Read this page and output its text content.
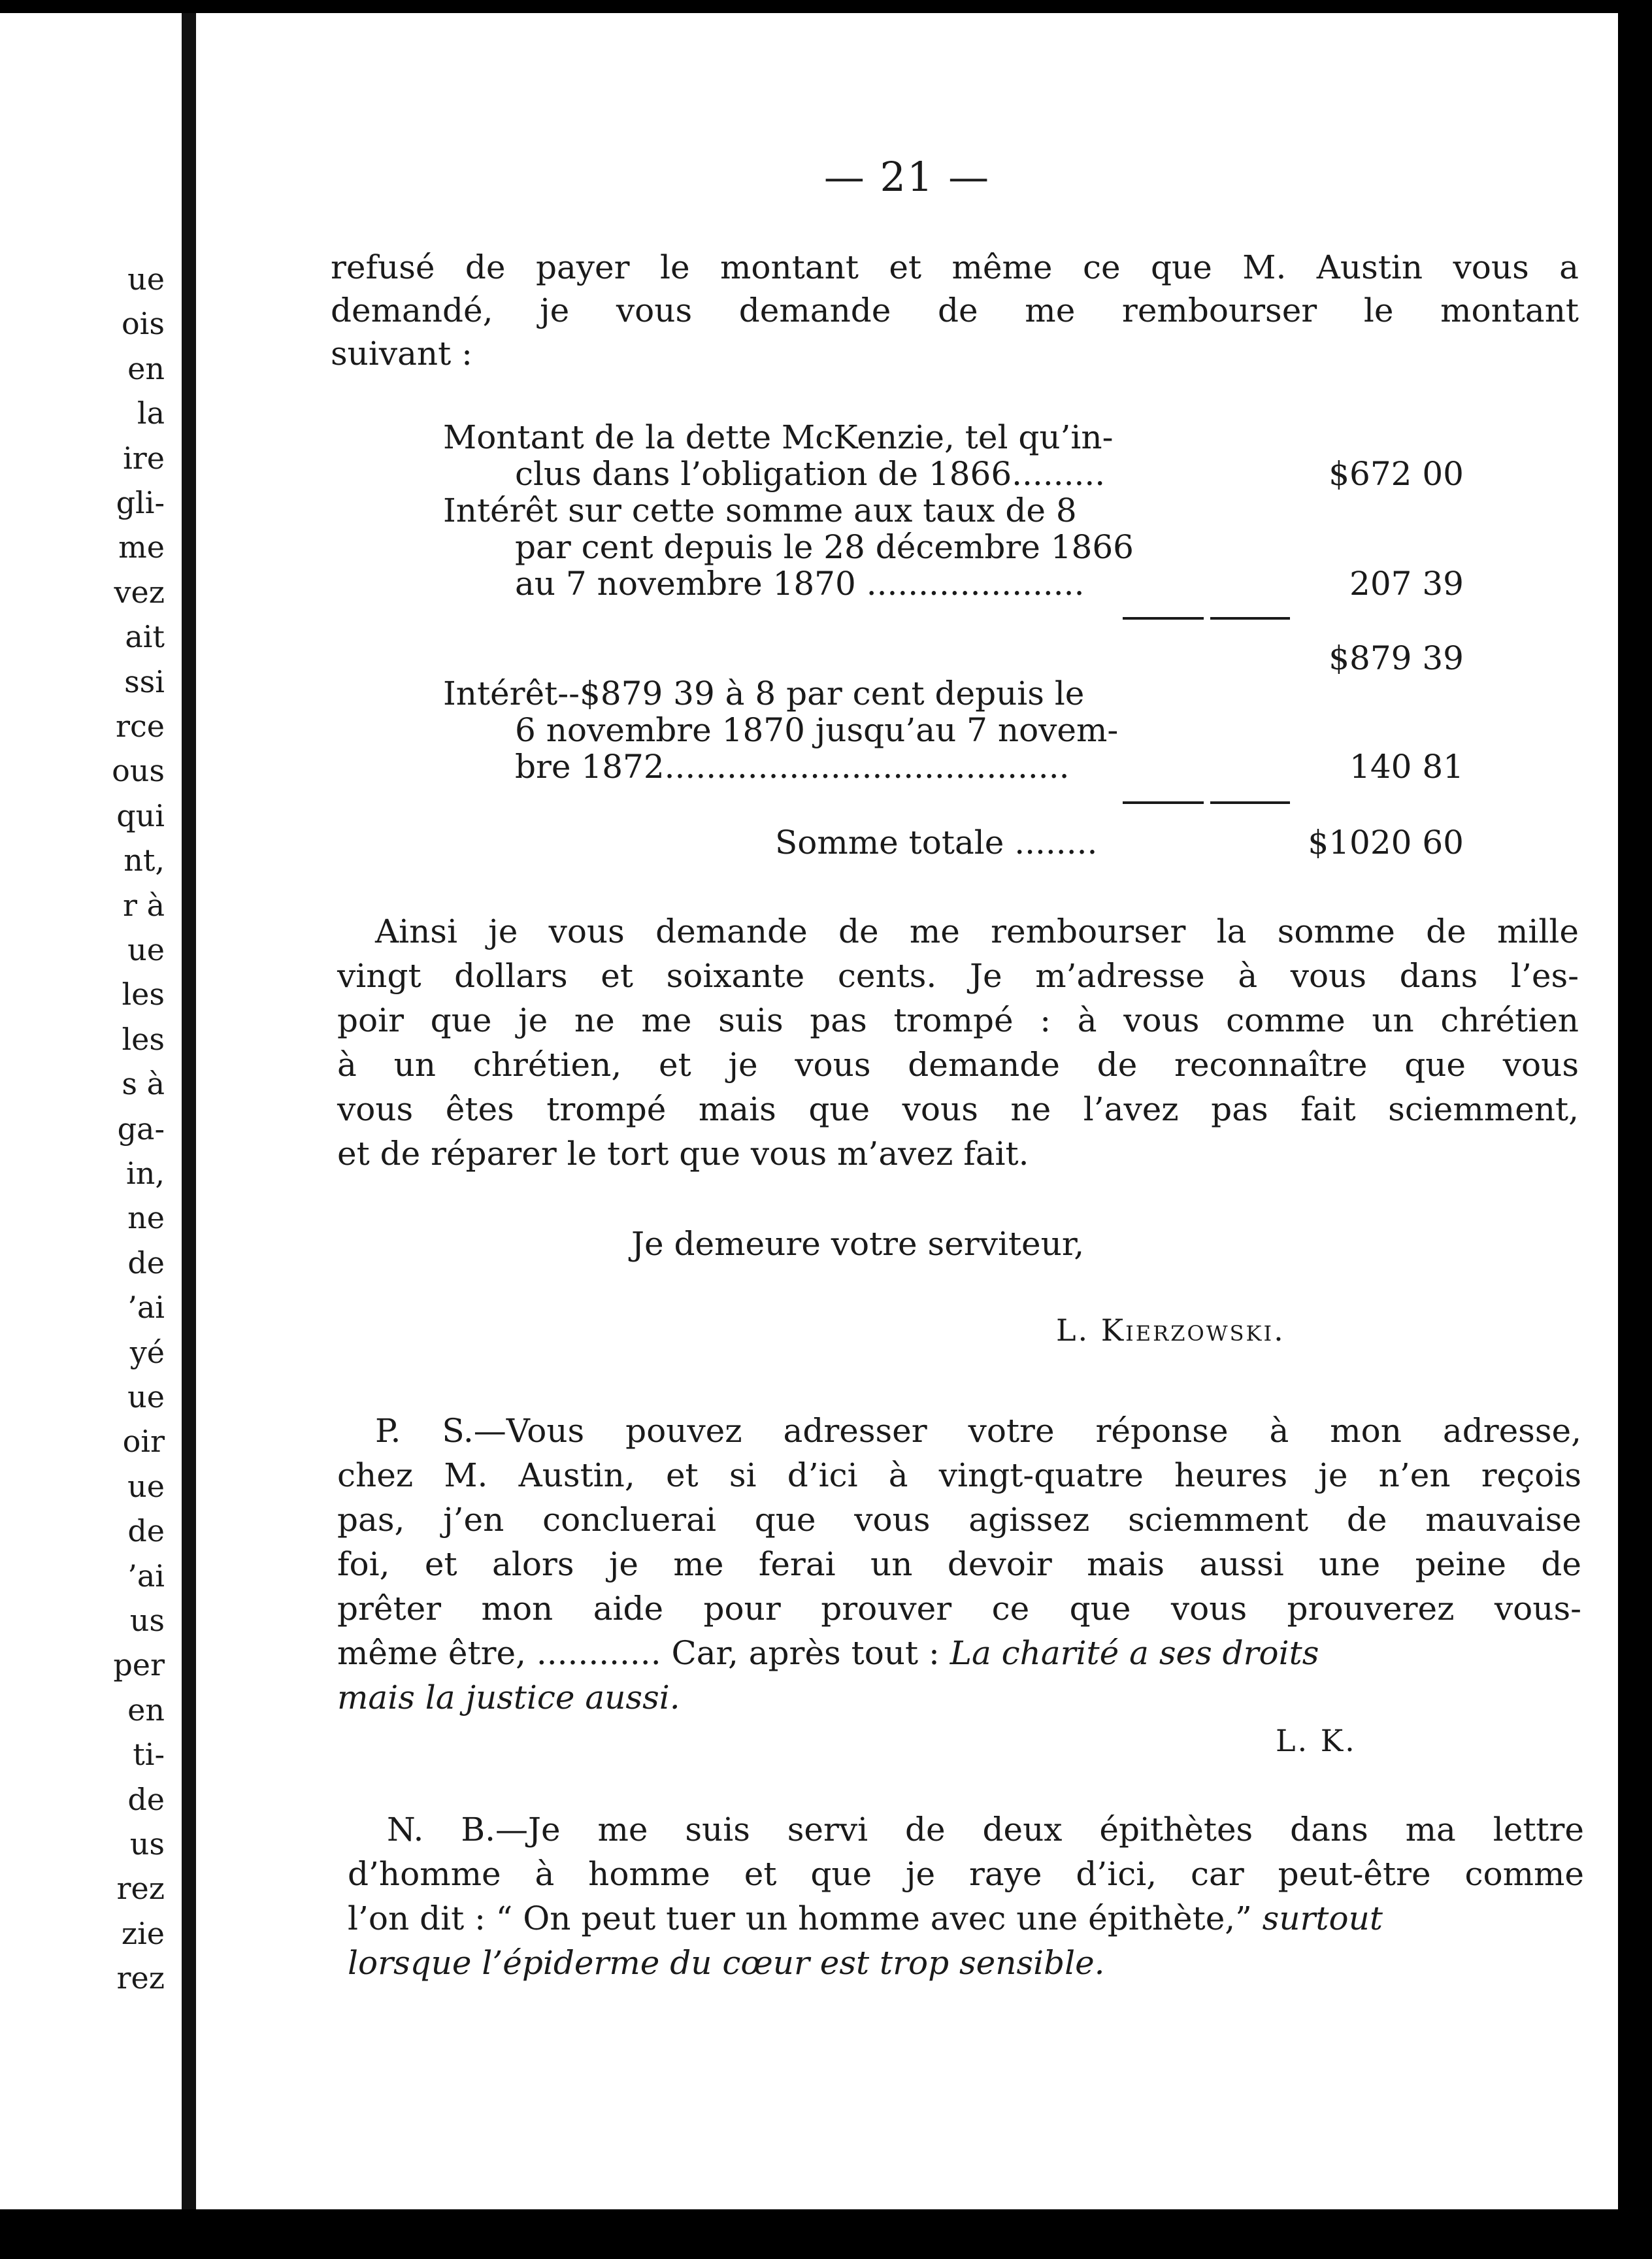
ue

ois

en

la

ire

gli-

me

vez

ait

ssi

rce

ous

qui

nt,

r à

ue

les

les

s à

ga-

in,

ne

de

’ai

yé

ue

oir

ue

de

’ai

us

per

en

ti-

de

us

rez

zie

rez

— 21 —

refusé de payer le montant et même ce que M. Austin vous a

demandé, je vous demande de me rembourser le montant

suivant :

Montant de la dette McKenzie, tel qu’in-

clus dans l’obligation de 1866.........	$672 00

Intérêt sur cette somme aux taux de 8

par cent depuis le 28 décembre 1866

au 7 novembre 1870 .....................	207 39

$879 39

Intérêt--$879 39 à 8 par cent depuis le

6 novembre 1870 jusqu’au 7 novem-

bre 1872.......................................	140 81

Somme totale ........	$1020 60

Ainsi je vous demande de me rembourser la somme de mille

vingt dollars et soixante cents. Je m’adresse à vous dans l’es-

poir que je ne me suis pas trompé : à vous comme un chrétien

à un chrétien, et je vous demande de reconnaître que vous

vous êtes trompé mais que vous ne l’avez pas fait sciemment,

et de réparer le tort que vous m’avez fait.

Je demeure votre serviteur,

L. Kierzowski.

P. S.—Vous pouvez adresser votre réponse à mon adresse,

chez M. Austin, et si d’ici à vingt-quatre heures je n’en reçois

pas, j’en concluerai que vous agissez sciemment de mauvaise

foi, et alors je me ferai un devoir mais aussi une peine de

prêter mon aide pour prouver ce que vous prouverez vous-

même être, ............ Car, après tout : La charité a ses droits

mais la justice aussi.

L. K.

N. B.—Je me suis servi de deux épithètes dans ma lettre

d’homme à homme et que je raye d’ici, car peut-être comme

l’on dit : “ On peut tuer un homme avec une épithète,” surtout

lorsque l’épiderme du cœur est trop sensible.
